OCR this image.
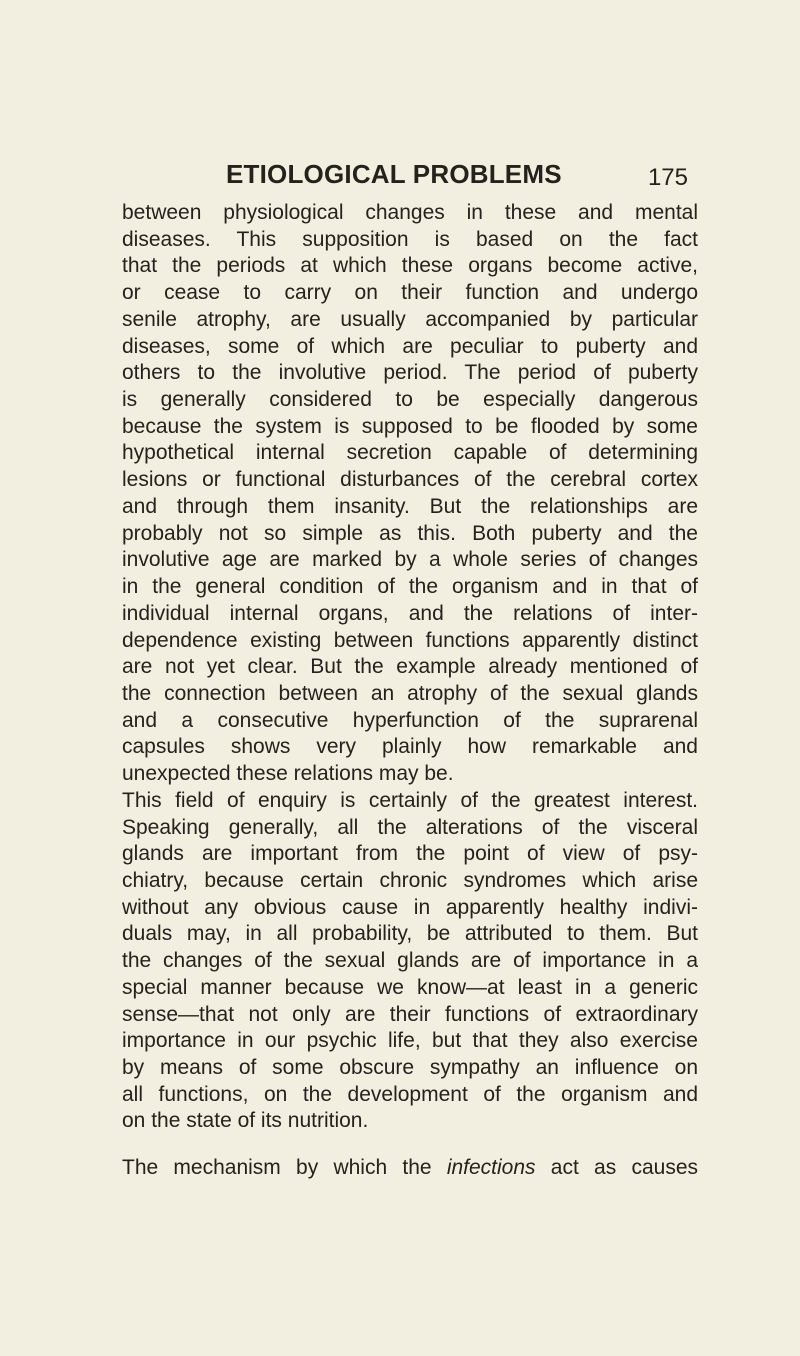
ETIOLOGICAL PROBLEMS	175
between physiological changes in these and mental
diseases. This supposition is based on the fact
that the periods at which these organs become active,
or cease to carry on their function and undergo
senile atrophy, are usually accompanied by particular
diseases, some of which are peculiar to puberty and
others to the involutive period. The period of puberty
is generally considered to be especially dangerous
because the system is supposed to be flooded by some
hypothetical internal secretion capable of determining
lesions or functional disturbances of the cerebral cortex
and through them insanity. But the relationships are
probably not so simple as this. Both puberty and the
involutive age are marked by a whole series of changes
in the general condition of the organism and in that of
individual internal organs, and the relations of inter-
dependence existing between functions apparently distinct
are not yet clear. But the example already mentioned of
the connection between an atrophy of the sexual glands
and a consecutive hyperfunction of the suprarenal
capsules shows very plainly how remarkable and
unexpected these relations may be.
This field of enquiry is certainly of the greatest interest.
Speaking generally, all the alterations of the visceral
glands are important from the point of view of psy-
chiatry, because certain chronic syndromes which arise
without any obvious cause in apparently healthy indivi-
duals may, in all probability, be attributed to them. But
the changes of the sexual glands are of importance in a
special manner because we know—at least in a generic
sense—that not only are their functions of extraordinary
importance in our psychic life, but that they also exercise
by means of some obscure sympathy an influence on
all functions, on the development of the organism and
on the state of its nutrition.
The mechanism by which the infections act as causes
